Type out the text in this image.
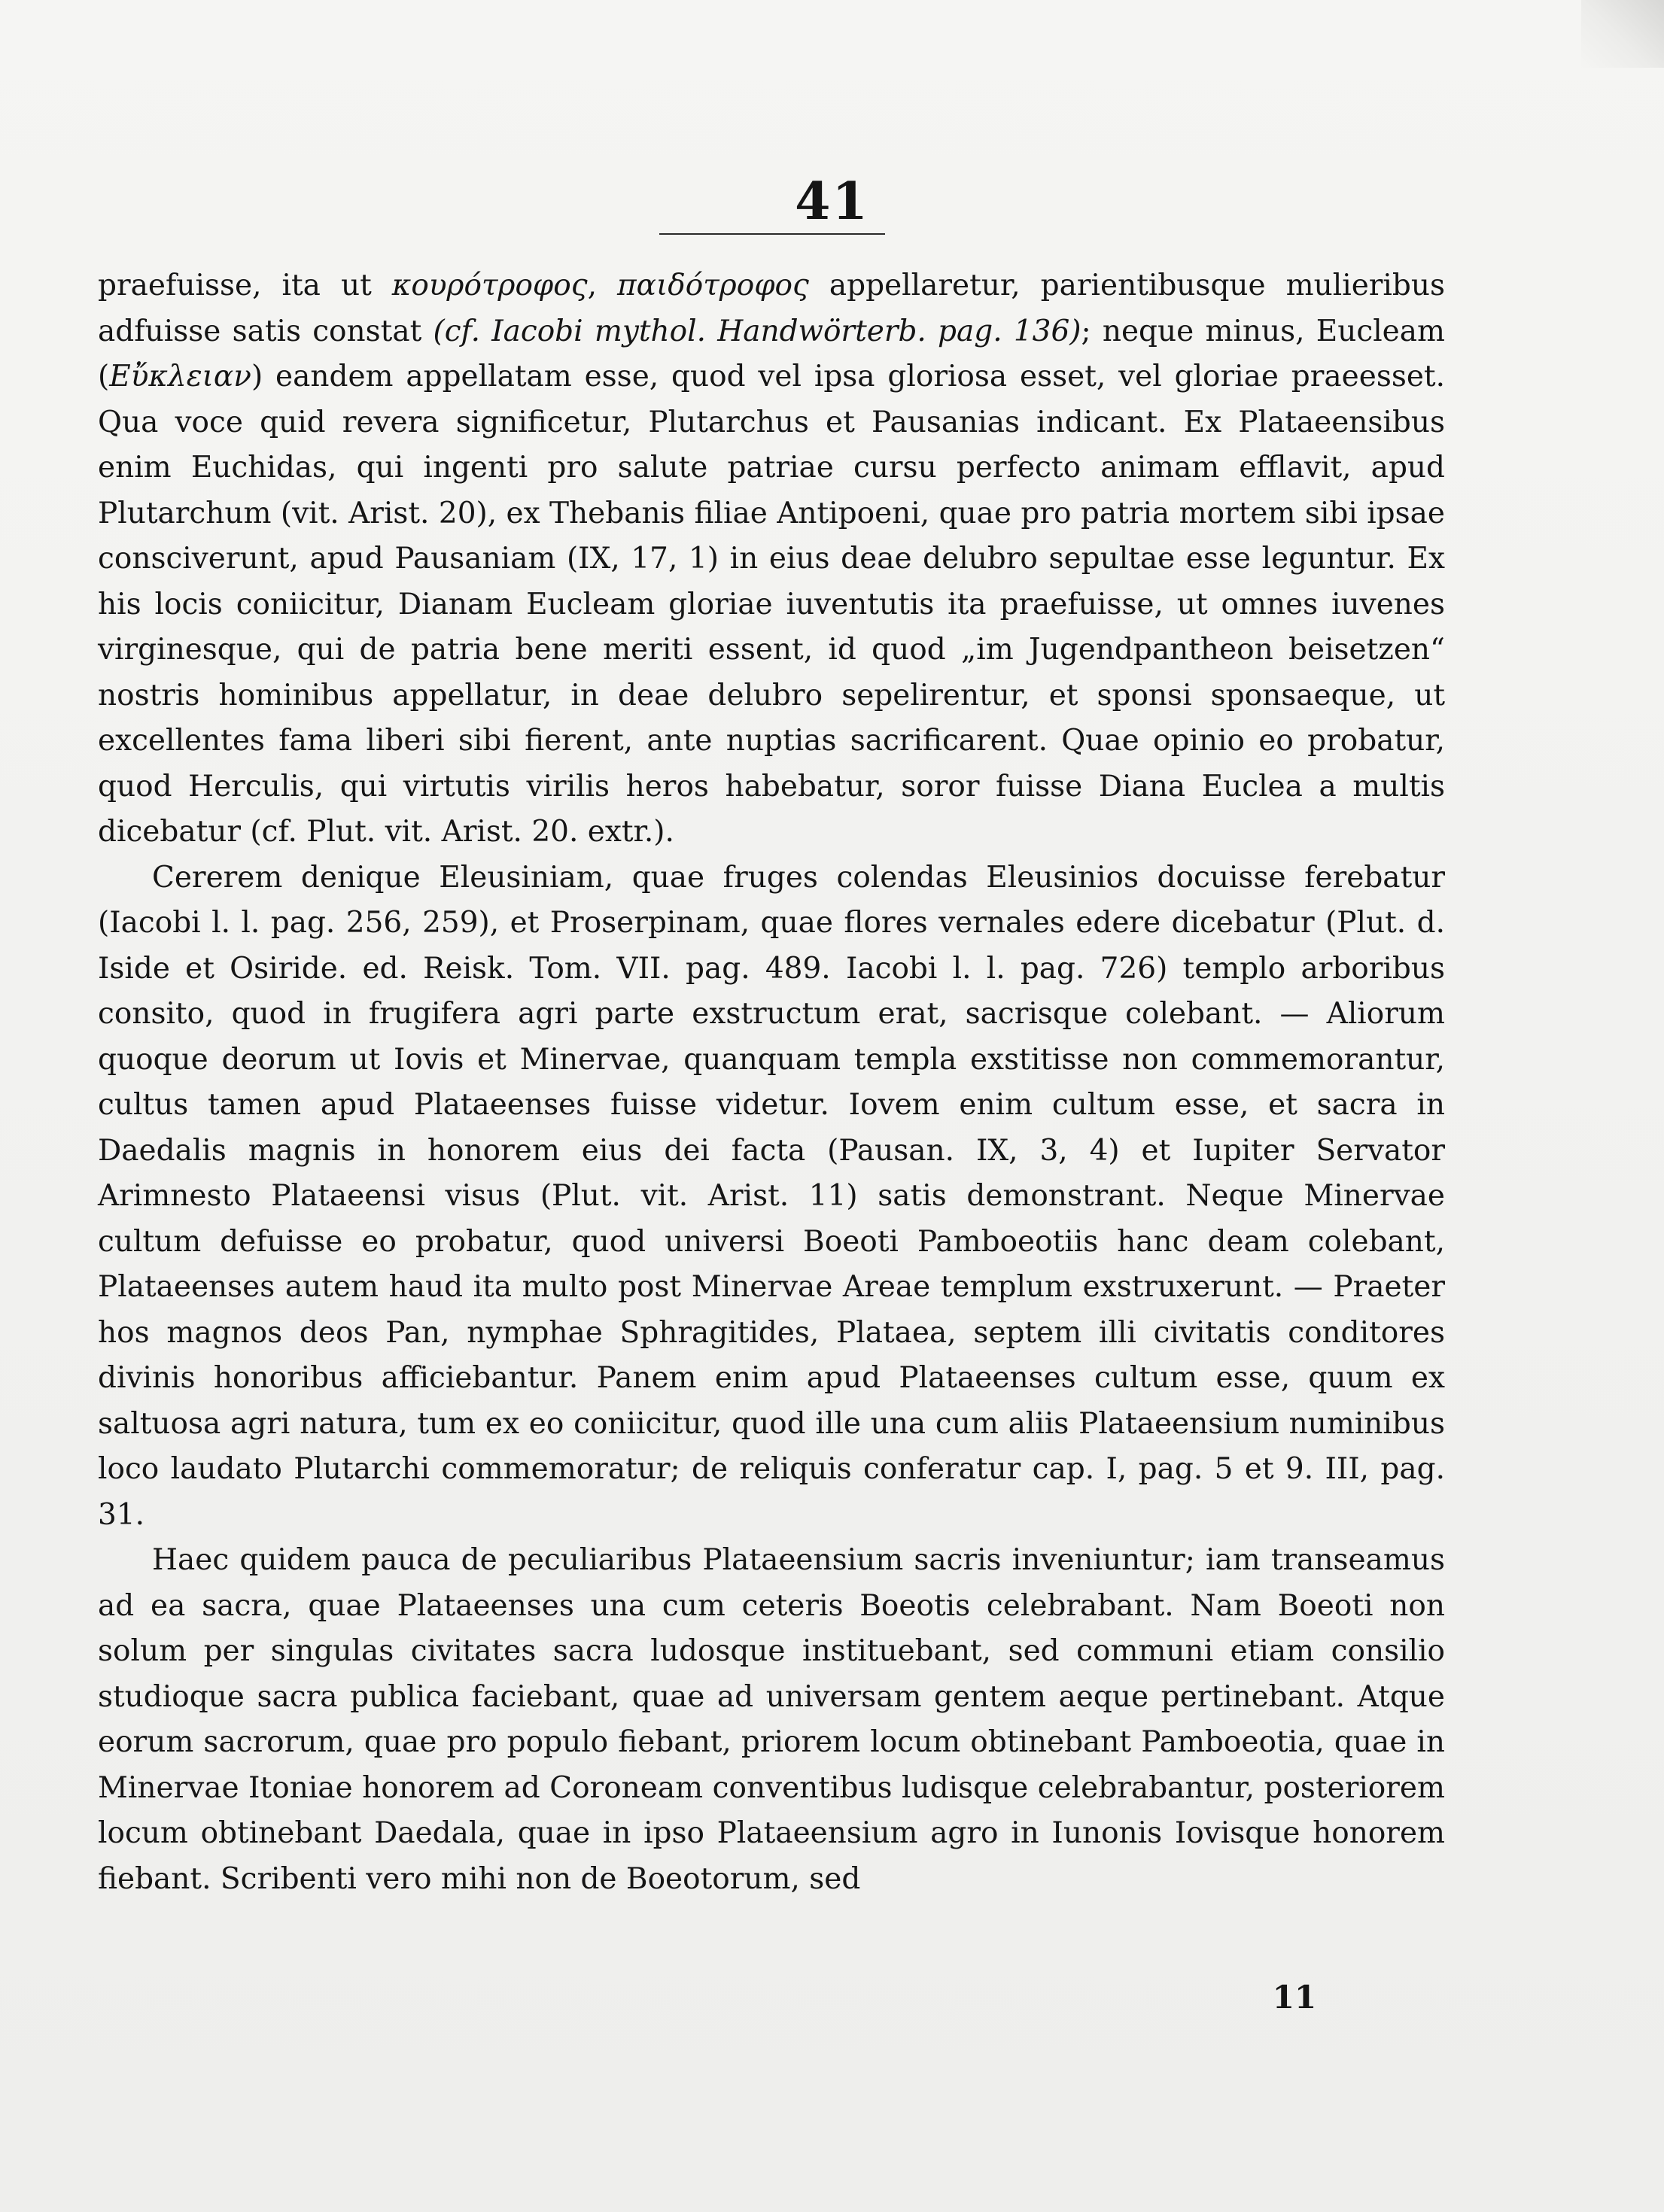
41

praefuisse, ita ut κουρότροφος, παιδότροφος appellaretur, parientibusque mulieribus adfuisse satis constat (cf. Iacobi mythol. Handwörterb. pag. 136); neque minus, Eucleam (Εὔκλειαν) eandem appellatam esse, quod vel ipsa gloriosa esset, vel gloriae praeesset. Qua voce quid revera significetur, Plutarchus et Pausanias indicant. Ex Plataeensibus enim Euchidas, qui ingenti pro salute patriae cursu perfecto animam efflavit, apud Plutarchum (vit. Arist. 20), ex Thebanis filiae Antipoeni, quae pro patria mortem sibi ipsae consciverunt, apud Pausaniam (IX, 17, 1) in eius deae delubro sepultae esse leguntur. Ex his locis coniicitur, Dianam Eucleam gloriae iuventutis ita praefuisse, ut omnes iuvenes virginesque, qui de patria bene meriti essent, id quod „im Jugendpantheon beisetzen“ nostris hominibus appellatur, in deae delubro sepelirentur, et sponsi sponsaeque, ut excellentes fama liberi sibi fierent, ante nuptias sacrificarent. Quae opinio eo probatur, quod Herculis, qui virtutis virilis heros habebatur, soror fuisse Diana Euclea a multis dicebatur (cf. Plut. vit. Arist. 20. extr.).

Cererem denique Eleusiniam, quae fruges colendas Eleusinios docuisse ferebatur (Iacobi l. l. pag. 256, 259), et Proserpinam, quae flores vernales edere dicebatur (Plut. d. Iside et Osiride. ed. Reisk. Tom. VII. pag. 489. Iacobi l. l. pag. 726) templo arboribus consito, quod in frugifera agri parte exstructum erat, sacrisque colebant. — Aliorum quoque deorum ut Iovis et Minervae, quanquam templa exstitisse non commemorantur, cultus tamen apud Plataeenses fuisse videtur. Iovem enim cultum esse, et sacra in Daedalis magnis in honorem eius dei facta (Pausan. IX, 3, 4) et Iupiter Servator Arimnesto Plataeensi visus (Plut. vit. Arist. 11) satis demonstrant. Neque Minervae cultum defuisse eo probatur, quod universi Boeoti Pamboeotiis hanc deam colebant, Plataeenses autem haud ita multo post Minervae Areae templum exstruxerunt. — Praeter hos magnos deos Pan, nymphae Sphragitides, Plataea, septem illi civitatis conditores divinis honoribus afficiebantur. Panem enim apud Plataeenses cultum esse, quum ex saltuosa agri natura, tum ex eo coniicitur, quod ille una cum aliis Plataeensium numinibus loco laudato Plutarchi commemoratur; de reliquis conferatur cap. I, pag. 5 et 9. III, pag. 31.

Haec quidem pauca de peculiaribus Plataeensium sacris inveniuntur; iam transeamus ad ea sacra, quae Plataeenses una cum ceteris Boeotis celebrabant. Nam Boeoti non solum per singulas civitates sacra ludosque instituebant, sed communi etiam consilio studioque sacra publica faciebant, quae ad universam gentem aeque pertinebant. Atque eorum sacrorum, quae pro populo fiebant, priorem locum obtinebant Pamboeotia, quae in Minervae Itoniae honorem ad Coroneam conventibus ludisque celebrabantur, posteriorem locum obtinebant Daedala, quae in ipso Plataeensium agro in Iunonis Iovisque honorem fiebant. Scribenti vero mihi non de Boeotorum, sed

11
